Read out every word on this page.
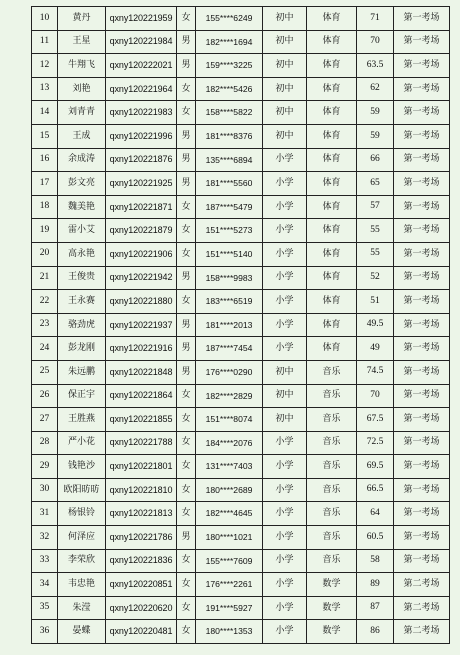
10	黄丹	qxny120221959	女	155****6249	初中	体育	71	第一考场
11	王星	qxny120221984	男	182****1694	初中	体育	70	第一考场
12	牛翔飞	qxny120222021	男	159****3225	初中	体育	63.5	第一考场
13	刘艳	qxny120221964	女	182****5426	初中	体育	62	第一考场
14	刘青青	qxny120221983	女	158****5822	初中	体育	59	第一考场
15	王成	qxny120221996	男	181****8376	初中	体育	59	第一考场
16	余成涛	qxny120221876	男	135****6894	小学	体育	66	第一考场
17	彭文亮	qxny120221925	男	181****5560	小学	体育	65	第一考场
18	魏美艳	qxny120221871	女	187****5479	小学	体育	57	第一考场
19	雷小艾	qxny120221879	女	151****5273	小学	体育	55	第一考场
20	高永艳	qxny120221906	女	151****5140	小学	体育	55	第一考场
21	王俊贵	qxny120221942	男	158****9983	小学	体育	52	第一考场
22	王永赛	qxny120221880	女	183****6519	小学	体育	51	第一考场
23	骆劲虎	qxny120221937	男	181****2013	小学	体育	49.5	第一考场
24	彭龙刚	qxny120221916	男	187****7454	小学	体育	49	第一考场
25	朱远鹏	qxny120221848	男	176****0290	初中	音乐	74.5	第一考场
26	保正宇	qxny120221864	女	182****2829	初中	音乐	70	第一考场
27	王胜燕	qxny120221855	女	151****8074	初中	音乐	67.5	第一考场
28	严小花	qxny120221788	女	184****2076	小学	音乐	72.5	第一考场
29	钱艳沙	qxny120221801	女	131****7403	小学	音乐	69.5	第一考场
30	欧阳昉昉	qxny120221810	女	180****2689	小学	音乐	66.5	第一考场
31	杨银铃	qxny120221813	女	182****4645	小学	音乐	64	第一考场
32	何泽应	qxny120221786	男	180****1021	小学	音乐	60.5	第一考场
33	李荣欣	qxny120221836	女	155****7609	小学	音乐	58	第一考场
34	韦忠艳	qxny120220851	女	176****2261	小学	数学	89	第二考场
35	朱滢	qxny120220620	女	191****5927	小学	数学	87	第二考场
36	晏蝶	qxny120220481	女	180****1353	小学	数学	86	第二考场
